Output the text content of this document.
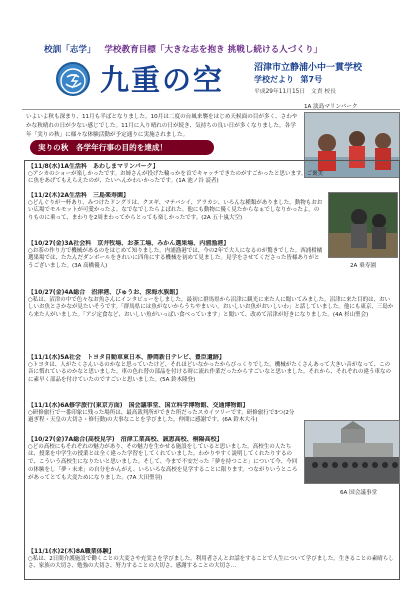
校訓「志学」 学校教育目標「大きな志を抱き 挑戦し続ける人づくり」
九重の空	沼津市立静浦小中一貫学校
学校だより 第7号
平成29年11月15日　文責 校長
いよいよ秋も深まり、11月も半ばとなりました。10月は二度の台風来襲をはじめ天候面の目が多く、さわやかな秋晴れの日が少ない感じでした。11月に入り晴れの日が続き、気持ちの良い日が多くなりました。各学年「実りの秋」に様々な体験活動が予定通りに実施されました。
1A 淡島マリンパーク
実りの秋　各学年行事の目的を達成！
2A 乗寿園
6A 国会議事堂
【11/8(水)1A生活科　あわしまマリンパーク】
○アシカのショーが楽しかったです。お姉さんが投げた輪っかを首でキャッチできたのがすごかったと思います。ご褒美に魚をあげてもえらえたのが、たいへんかわいかったです。(1A 池ノ谷 読者)
【11/2(木)2A生活科　三島楽寿園】
○どんぐりが一杯あり、みつけたドングリは、クヌギ、マテバシイ、アラカシ、いろんな種類がありました。動物もおおい広場でモルモットが可愛かったよ。なでなでしたらよばれた。他にも動物に優く見たからなぁでしなりかったよ。のりものに乗って、まわりを2周まわってからとっても楽しかったです。(2A 五十嵐大空)
【10/27(金)3A社会科　京井牧場、お茶工場、みかん選果場、内浦漁港】
○お茶の作り方で機械があるのをはじめて知りました。内浦漁港では、今の2年で大人になるのが驚きでした。西浦柑橘選果場では、たたんだダンボールをきれいに四角にする機械を初めて見ました。見学をさせてくださった皆様ありがとうございました。(3A 高橋優人)
【10/27(金)4A総合　沼津港、びゅうお、深海水族館】
○私は、沼津の中で色々なお魚さんにインタビューをしました。最初に群馬県から沼津に観光に来た人に聞いてみました。沼津に来た目的は、おいしいお魚とさかなが見たいそうです。「群馬県には魚がないからうちやまいい。おいしいお魚がおいしいわ」と話していました。他にも東京、三島から来た人がいました。「アジ定食など、おいしい魚がいっぱい食べっています」と聞いて、改めて沼津が好きになりました。(4A 杉山聖会)
【11/1(水)5A社会　トヨタ自動車東日本、静岡新日テレビ、豊臣遺跡】
○トヨタは、人がたくさんいるのかなと思っていたけど、それほどいなかったからびっくりでした。機械がたくさんあって大きい音がなって、この音に慣れているのかなと思いました。車の色れ替の部品を付ける時に流れ作業だったからすごいなと思いました。それから、それぞれの違う車なのに素早く部品を付けていたのですごいと思いました。(5A 鈴木隆登)
【11/1(水)6A修学旅行(東京方面)　国会議事堂、国立科学博物館、交通博物館】
○研修旅行で一番印象に残った場所は、最高裁判所ができた所だったスカイツリーです。研修旅行で3つ(2分過ぎ程・天皇の大切さ・修行動)の大事なことを学びました。仲間に感謝です。(6A 鈴木大斗)
【10/27(金)7A総合(高校見学)　沼津工業高校、誠恵高校、桐陽高校】
○どの高校にもそれぞれの魅力があり、その魅力を生かせる施設をしていると思いました。高校生の人たちは、授業を中学生の授業とは全く違った学習をしてくれていました。わかりやすく説明してくれたりするので、こういう高校生になりたいと思いました。そして、今まで不安だった「夢を持つこと」について今、今回の体験をし「夢・未来」の自分をかんがえ、いろいろな高校を見学することに限ります。つながりいうところがあってとても大変ためになりました。(7A 大田聖羽)
【11/1(水)2(木)8A職業体験】
○私は、2日間介護施設で働くことの大変さや充実さを学びました。利用者さんとお話をすることで人生について学びました。生きることの素晴らしさ、家族の大切さ、勉強の大切さ、努力することの大切さ、感謝することの大切さ…
